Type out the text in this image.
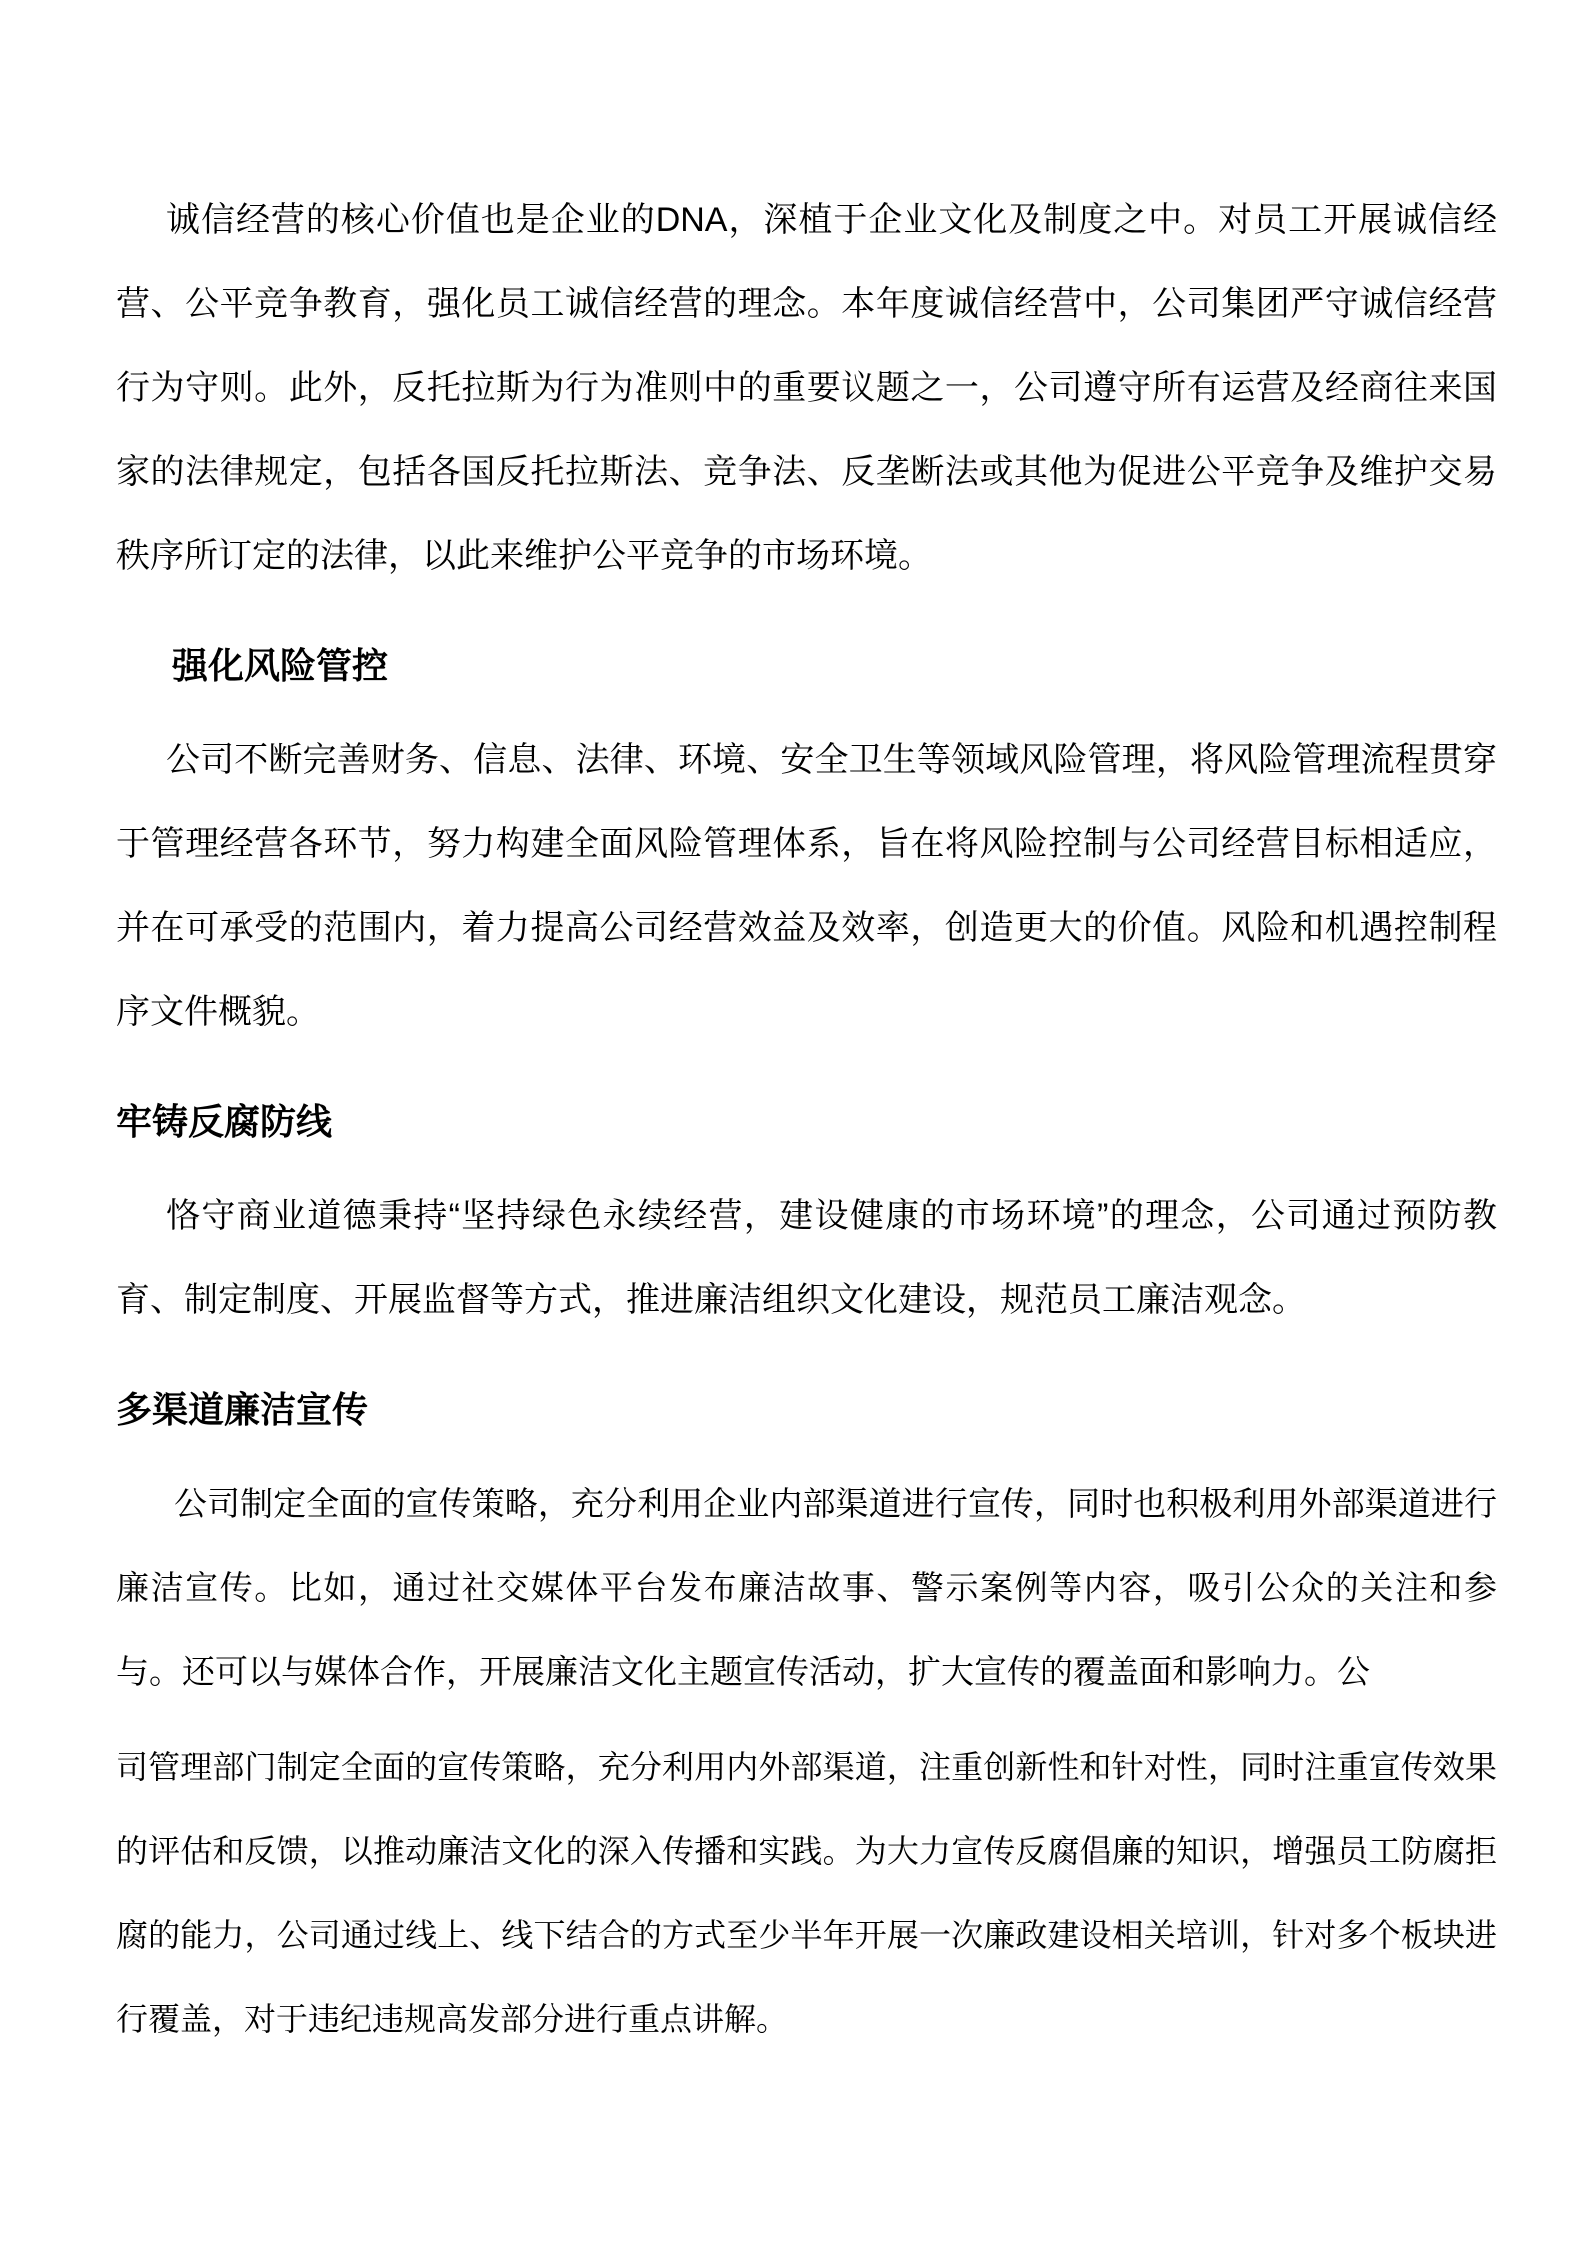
诚信经营的核心价值也是企业的DNA，深植于企业文化及制度之中。对员工开展诚信经营、公平竞争教育，强化员工诚信经营的理念。本年度诚信经营中，公司集团严守诚信经营行为守则。此外，反托拉斯为行为准则中的重要议题之一，公司遵守所有运营及经商往来国家的法律规定，包括各国反托拉斯法、竞争法、反垄断法或其他为促进公平竞争及维护交易秩序所订定的法律，以此来维护公平竞争的市场环境。

强化风险管控

公司不断完善财务、信息、法律、环境、安全卫生等领域风险管理，将风险管理流程贯穿于管理经营各环节，努力构建全面风险管理体系，旨在将风险控制与公司经营目标相适应，并在可承受的范围内，着力提高公司经营效益及效率，创造更大的价值。风险和机遇控制程序文件概貌。

牢铸反腐防线

恪守商业道德秉持“坚持绿色永续经营，建设健康的市场环境”的理念，公司通过预防教育、制定制度、开展监督等方式，推进廉洁组织文化建设，规范员工廉洁观念。

多渠道廉洁宣传

公司制定全面的宣传策略，充分利用企业内部渠道进行宣传，同时也积极利用外部渠道进行廉洁宣传。比如，通过社交媒体平台发布廉洁故事、警示案例等内容，吸引公众的关注和参与。还可以与媒体合作，开展廉洁文化主题宣传活动，扩大宣传的覆盖面和影响力。公

司管理部门制定全面的宣传策略，充分利用内外部渠道，注重创新性和针对性，同时注重宣传效果的评估和反馈，以推动廉洁文化的深入传播和实践。为大力宣传反腐倡廉的知识，增强员工防腐拒腐的能力，公司通过线上、线下结合的方式至少半年开展一次廉政建设相关培训，针对多个板块进行覆盖，对于违纪违规高发部分进行重点讲解。
